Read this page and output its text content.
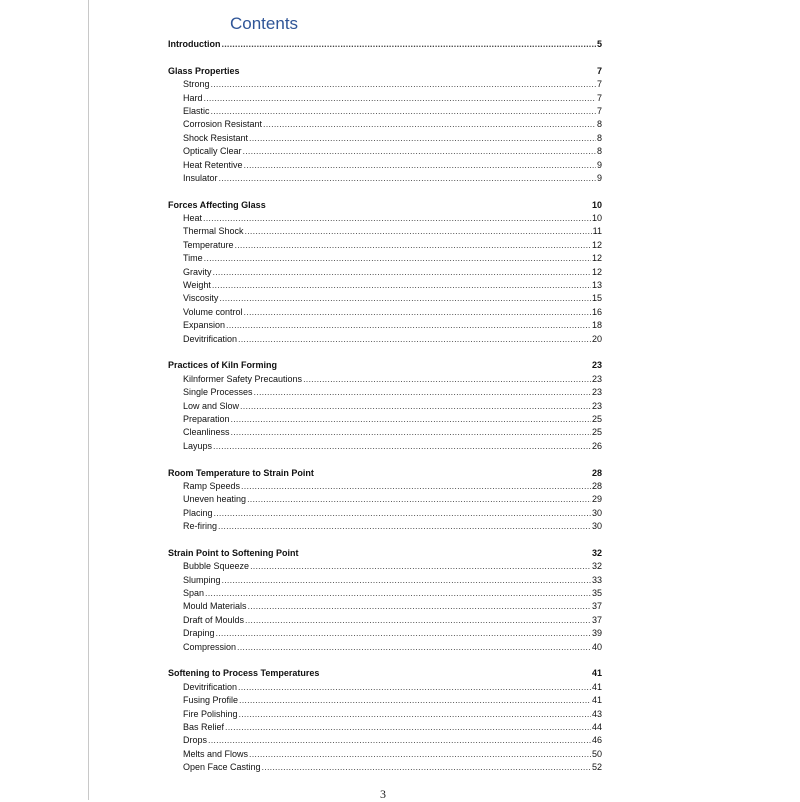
Contents
Introduction .....	5
Glass Properties	7
Strong .....	7
Hard .....	7
Elastic .....	7
Corrosion Resistant .....	8
Shock Resistant .....	8
Optically Clear .....	8
Heat Retentive .....	9
Insulator .....	9
Forces Affecting Glass	10
Heat .....	10
Thermal Shock .....	11
Temperature .....	12
Time .....	12
Gravity .....	12
Weight .....	13
Viscosity .....	15
Volume control .....	16
Expansion .....	18
Devitrification .....	20
Practices of Kiln Forming	23
Kilnformer Safety Precautions .....	23
Single Processes .....	23
Low and Slow .....	23
Preparation .....	25
Cleanliness .....	25
Layups .....	26
Room Temperature to Strain Point	28
Ramp Speeds .....	28
Uneven heating .....	29
Placing .....	30
Re-firing .....	30
Strain Point to Softening Point	32
Bubble Squeeze .....	32
Slumping .....	33
Span .....	35
Mould Materials .....	37
Draft of Moulds .....	37
Draping .....	39
Compression .....	40
Softening to Process Temperatures	41
Devitrification .....	41
Fusing Profile .....	41
Fire Polishing .....	43
Bas Relief .....	44
Drops .....	46
Melts and Flows .....	50
Open Face Casting .....	52
3
